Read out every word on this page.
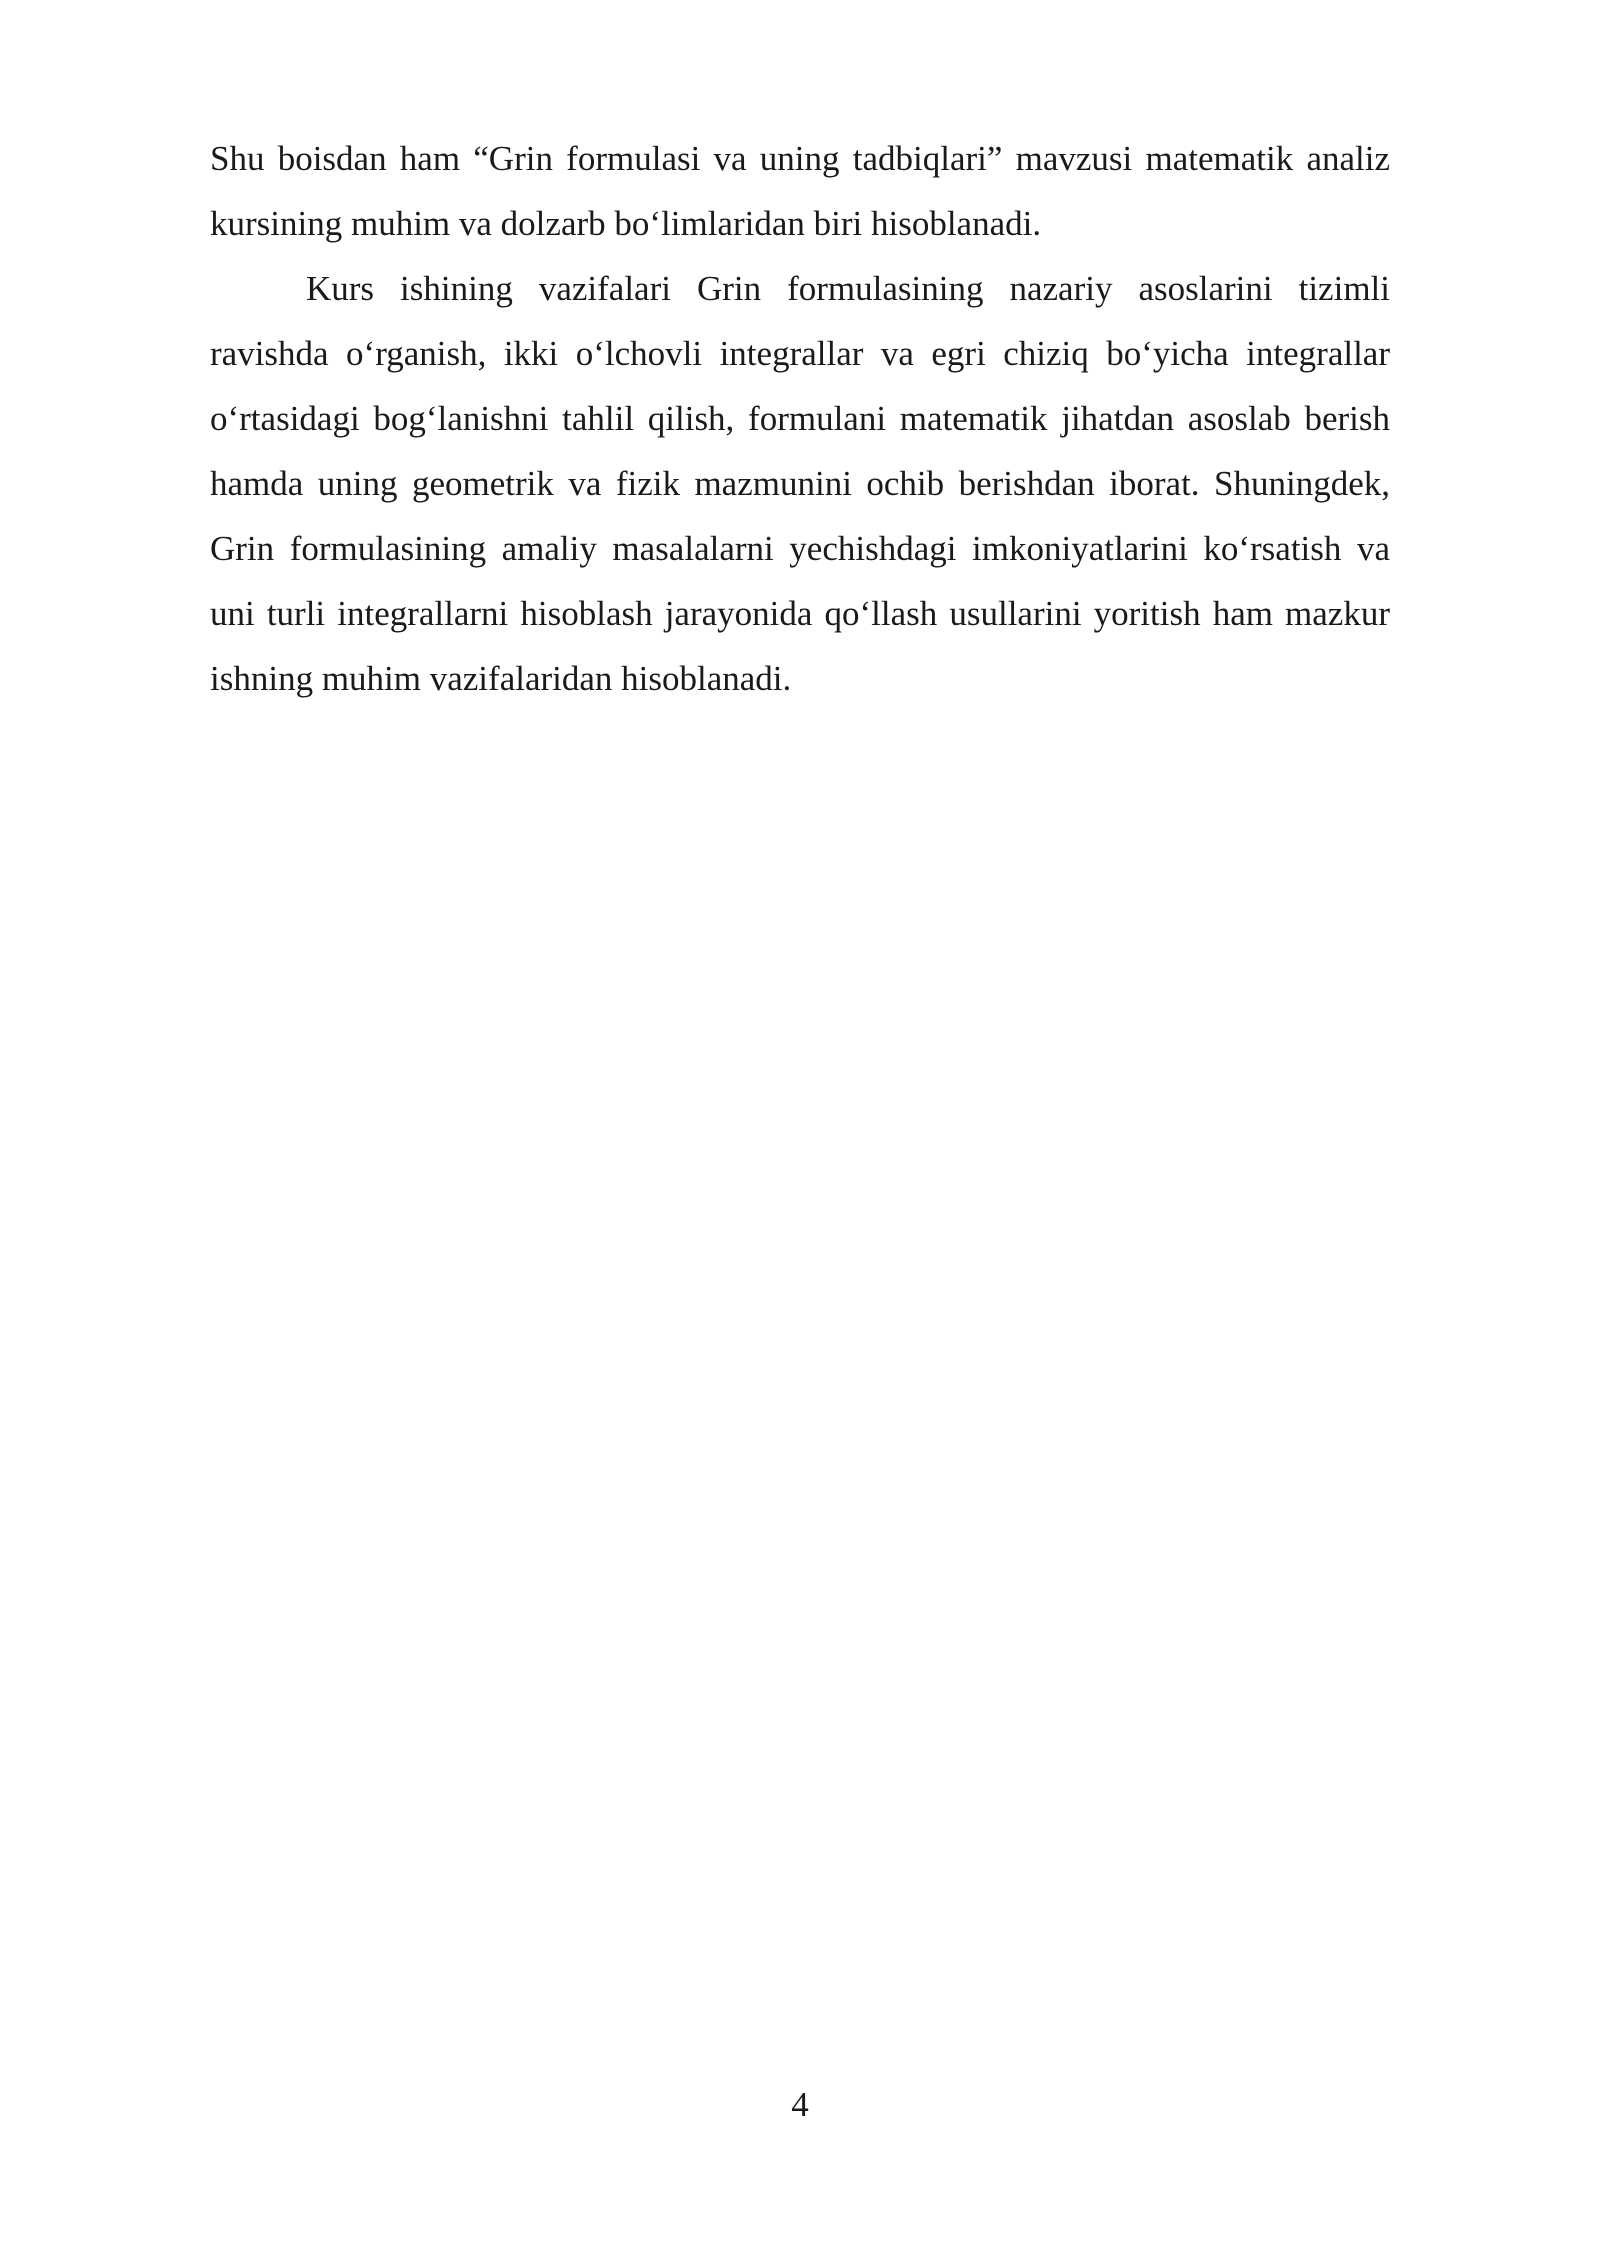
Shu boisdan ham “Grin formulasi va uning tadbiqlari” mavzusi matematik analiz kursining muhim va dolzarb bo‘limlaridan biri hisoblanadi.

Kurs ishining vazifalari Grin formulasining nazariy asoslarini tizimli ravishda o‘rganish, ikki o‘lchovli integrallar va egri chiziq bo‘yicha integrallar o‘rtasidagi bog‘lanishni tahlil qilish, formulani matematik jihatdan asoslab berish hamda uning geometrik va fizik mazmunini ochib berishdan iborat. Shuningdek, Grin formulasining amaliy masalalarni yechishdagi imkoniyatlarini ko‘rsatish va uni turli integrallarni hisoblash jarayonida qo‘llash usullarini yoritish ham mazkur ishning muhim vazifalaridan hisoblanadi.

4
